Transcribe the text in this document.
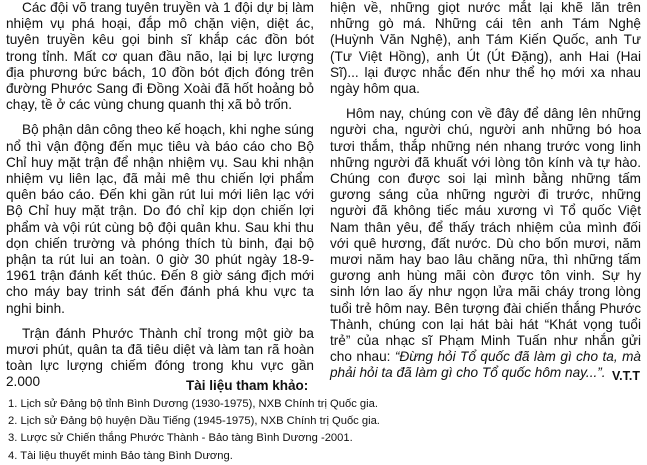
Các đội võ trang tuyên truyền và 1 đội dự bị làm nhiệm vụ phá hoại, đắp mô chặn viện, diệt ác, tuyên truyền kêu gọi binh sĩ khắp các đồn bót trong tỉnh. Mất cơ quan đầu não, lại bị lực lượng địa phương bức bách, 10 đồn bót địch đóng trên đường Phước Sang đi Đồng Xoài đã hốt hoảng bỏ chạy, tề ở các vùng chung quanh thị xã bỏ trốn.

Bộ phận dân công theo kế hoạch, khi nghe súng nổ thì vận động đến mục tiêu và báo cáo cho Bộ Chỉ huy mặt trận để nhận nhiệm vụ. Sau khi nhận nhiệm vụ liên lạc, đã mải mê thu chiến lợi phẩm quên báo cáo. Đến khi gần rút lui mới liên lạc với Bộ Chỉ huy mặt trận. Do đó chỉ kịp dọn chiến lợi phẩm và vội rút cùng bộ đội quân khu. Sau khi thu dọn chiến trường và phóng thích tù binh, đại bộ phận ta rút lui an toàn. 0 giờ 30 phút ngày 18-9-1961 trận đánh kết thúc. Đến 8 giờ sáng địch mới cho máy bay trinh sát đến đánh phá khu vực ta nghi binh.

Trận đánh Phước Thành chỉ trong một giờ ba mươi phút, quân ta đã tiêu diệt và làm tan rã hoàn toàn lực lượng chiếm đóng trong khu vực gần 2.000

hiện về, những giọt nước mắt lại khẽ lăn trên những gò má. Những cái tên anh Tám Nghệ (Huỳnh Văn Nghệ), anh Tám Kiến Quốc, anh Tư (Tư Việt Hồng), anh Út (Út Đặng), anh Hai (Hai Sĩ)... lại được nhắc đến như thể họ mới xa nhau ngày hôm qua.

Hôm nay, chúng con về đây để dâng lên những người cha, người chú, người anh những bó hoa tươi thắm, thắp những nén nhang trước vong linh những người đã khuất với lòng tôn kính và tự hào. Chúng con được soi lại mình bằng những tấm gương sáng của những người đi trước, những người đã không tiếc máu xương vì Tổ quốc Việt Nam thân yêu, để thấy trách nhiệm của mình đối với quê hương, đất nước. Dù cho bốn mươi, năm mươi năm hay bao lâu chăng nữa, thì những tấm gương anh hùng mãi còn được tôn vinh. Sự hy sinh lớn lao ấy như ngọn lửa mãi cháy trong lòng tuổi trẻ hôm nay. Bên tượng đài chiến thắng Phước Thành, chúng con lại hát bài hát “Khát vọng tuổi trẻ” của nhạc sĩ Phạm Minh Tuấn như nhắn gửi cho nhau: “Đừng hỏi Tổ quốc đã làm gì cho ta, mà phải hỏi ta đã làm gì cho Tổ quốc hôm nay...”. V.T.T
Tài liệu tham khảo:
1. Lịch sử Đảng bộ tỉnh Bình Dương (1930-1975), NXB Chính trị Quốc gia.
2. Lịch sử Đảng bộ huyện Dầu Tiếng (1945-1975), NXB Chính trị Quốc gia.
3. Lược sử Chiến thắng Phước Thành - Bảo tàng Bình Dương -2001.
4. Tài liệu thuyết minh Bảo tàng Bình Dương.
